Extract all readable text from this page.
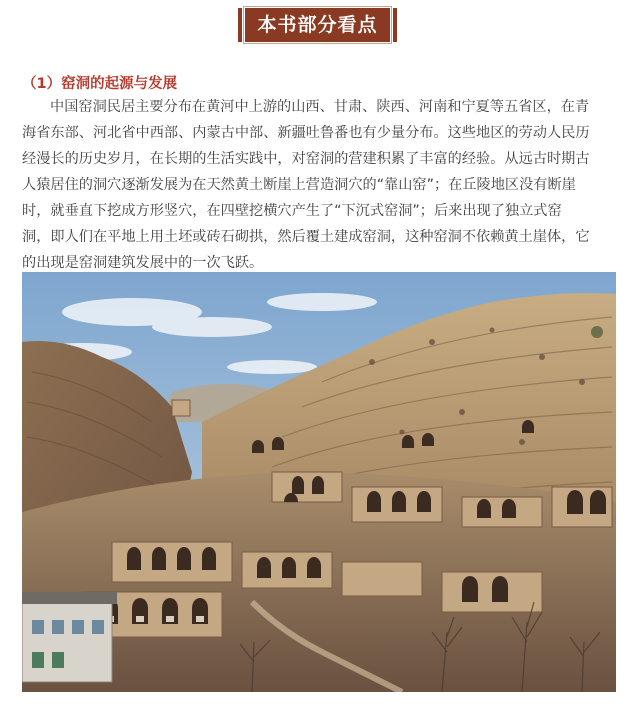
本书部分看点
（1）窑洞的起源与发展
中国窑洞民居主要分布在黄河中上游的山西、甘肃、陕西、河南和宁夏等五省区，在青
海省东部、河北省中西部、内蒙古中部、新疆吐鲁番也有少量分布。这些地区的劳动人民历
经漫长的历史岁月，在长期的生活实践中，对窑洞的营建积累了丰富的经验。从远古时期古
人猿居住的洞穴逐渐发展为在天然黄土断崖上营造洞穴的“靠山窑”；在丘陵地区没有断崖
时，就垂直下挖成方形竖穴，在四壁挖横穴产生了“下沉式窑洞”；后来出现了独立式窑
洞，即人们在平地上用土坯或砖石砌拱，然后覆土建成窑洞，这种窑洞不依赖黄土崖体，它
的出现是窑洞建筑发展中的一次飞跃。
